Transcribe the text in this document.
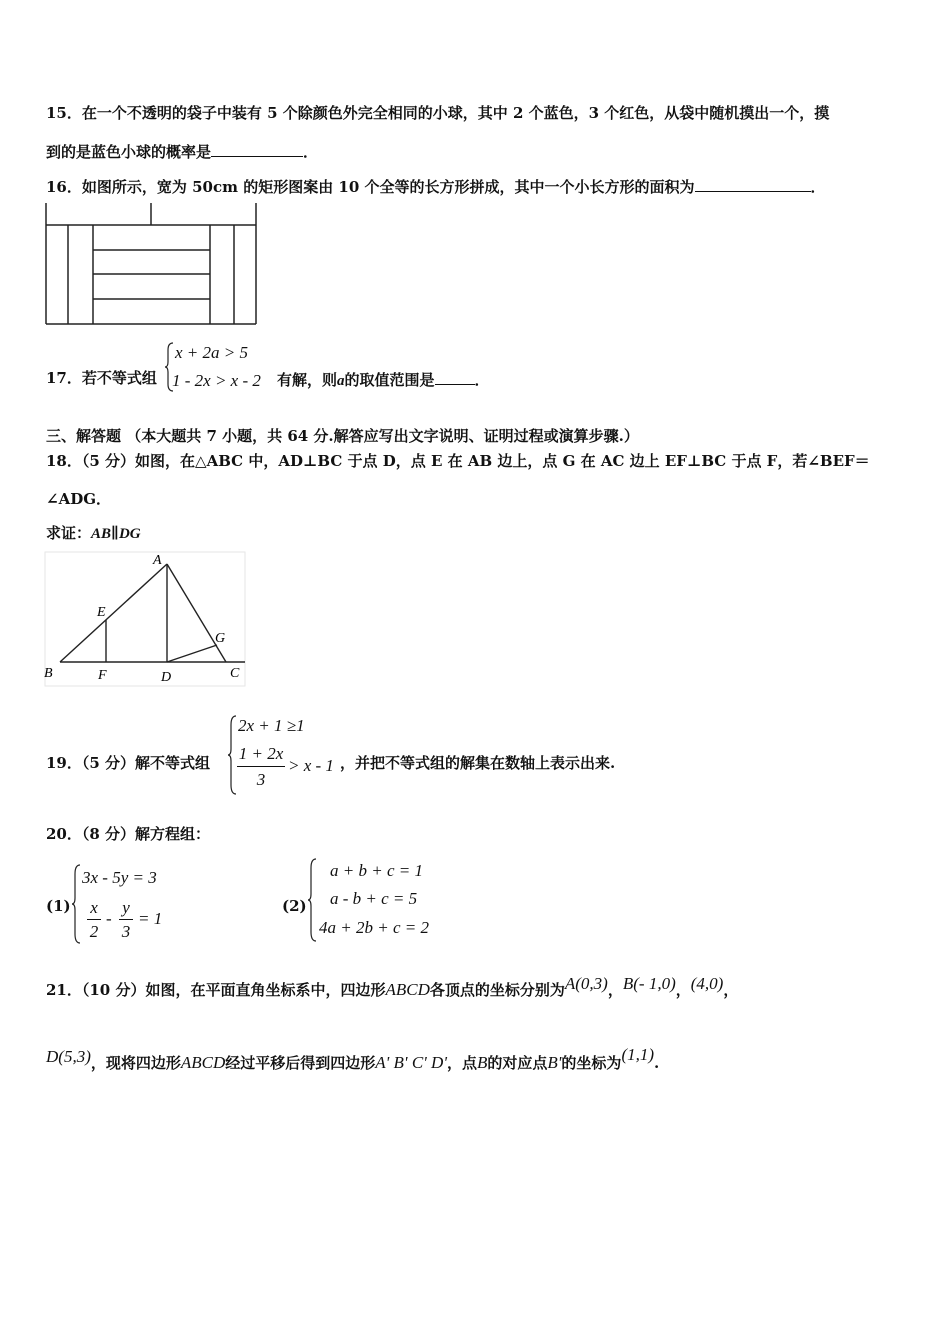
15．在一个不透明的袋子中装有 5 个除颜色外完全相同的小球，其中 2 个蓝色，3 个红色，从袋中随机摸出一个，摸
到的是蓝色小球的概率是	．
16．如图所示，宽为 50cm 的矩形图案由 10 个全等的长方形拼成，其中一个小长方形的面积为	．
17．若不等式组
x + 2a > 5
1 - 2x > x - 2 有解，则a的取值范围是	．
三、解答题 （本大题共 7 小题，共 64 分.解答应写出文字说明、证明过程或演算步骤.）
18．（5 分）如图，在△ABC 中，AD⊥BC 于点 D，点 E 在 AB 边上，点 G 在 AC 边上 EF⊥BC 于点 F，若∠BEF＝
∠ADG．
求证：AB∥DG
A
B	C
D
E
F
G
19．（5 分）解不等式组
2x + 1 ≥1
1 + 2x
3
> x - 1 ，并把不等式组的解集在数轴上表示出来.
20．（8 分）解方程组：
(1)
3x - 5y = 3
x
2
-
y
3
= 1
(2)
a + b + c = 1
a - b + c = 5
4a + 2b + c = 2
21．（10 分）如图，在平面直角坐标系中，四边形ABCD各顶点的坐标分别为A(0,3)，B(- 1,0)，(4,0)，
D(5,3)，现将四边形ABCD经过平移后得到四边形A' B' C' D'，点B的对应点B'的坐标为(1,1).
